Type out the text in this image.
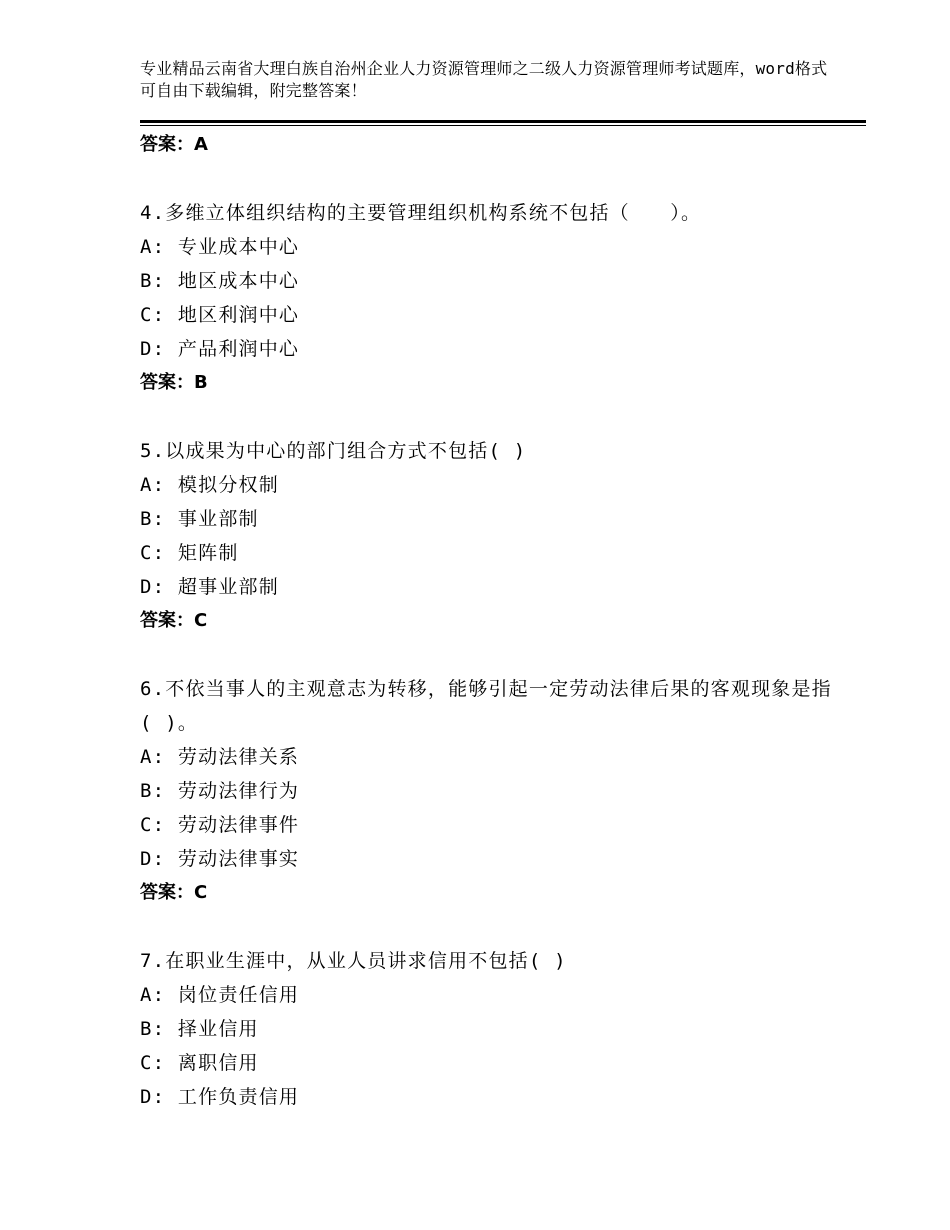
专业精品云南省大理白族自治州企业人力资源管理师之二级人力资源管理师考试题库，word格式可自由下载编辑，附完整答案！
答案：A
4.多维立体组织结构的主要管理组织机构系统不包括（　　）。
A: 专业成本中心
B: 地区成本中心
C: 地区利润中心
D: 产品利润中心
答案：B
5.以成果为中心的部门组合方式不包括( )
A: 模拟分权制
B: 事业部制
C: 矩阵制
D: 超事业部制
答案：C
6.不依当事人的主观意志为转移，能够引起一定劳动法律后果的客观现象是指( )。
A: 劳动法律关系
B: 劳动法律行为
C: 劳动法律事件
D: 劳动法律事实
答案：C
7.在职业生涯中，从业人员讲求信用不包括( )
A: 岗位责任信用
B: 择业信用
C: 离职信用
D: 工作负责信用
